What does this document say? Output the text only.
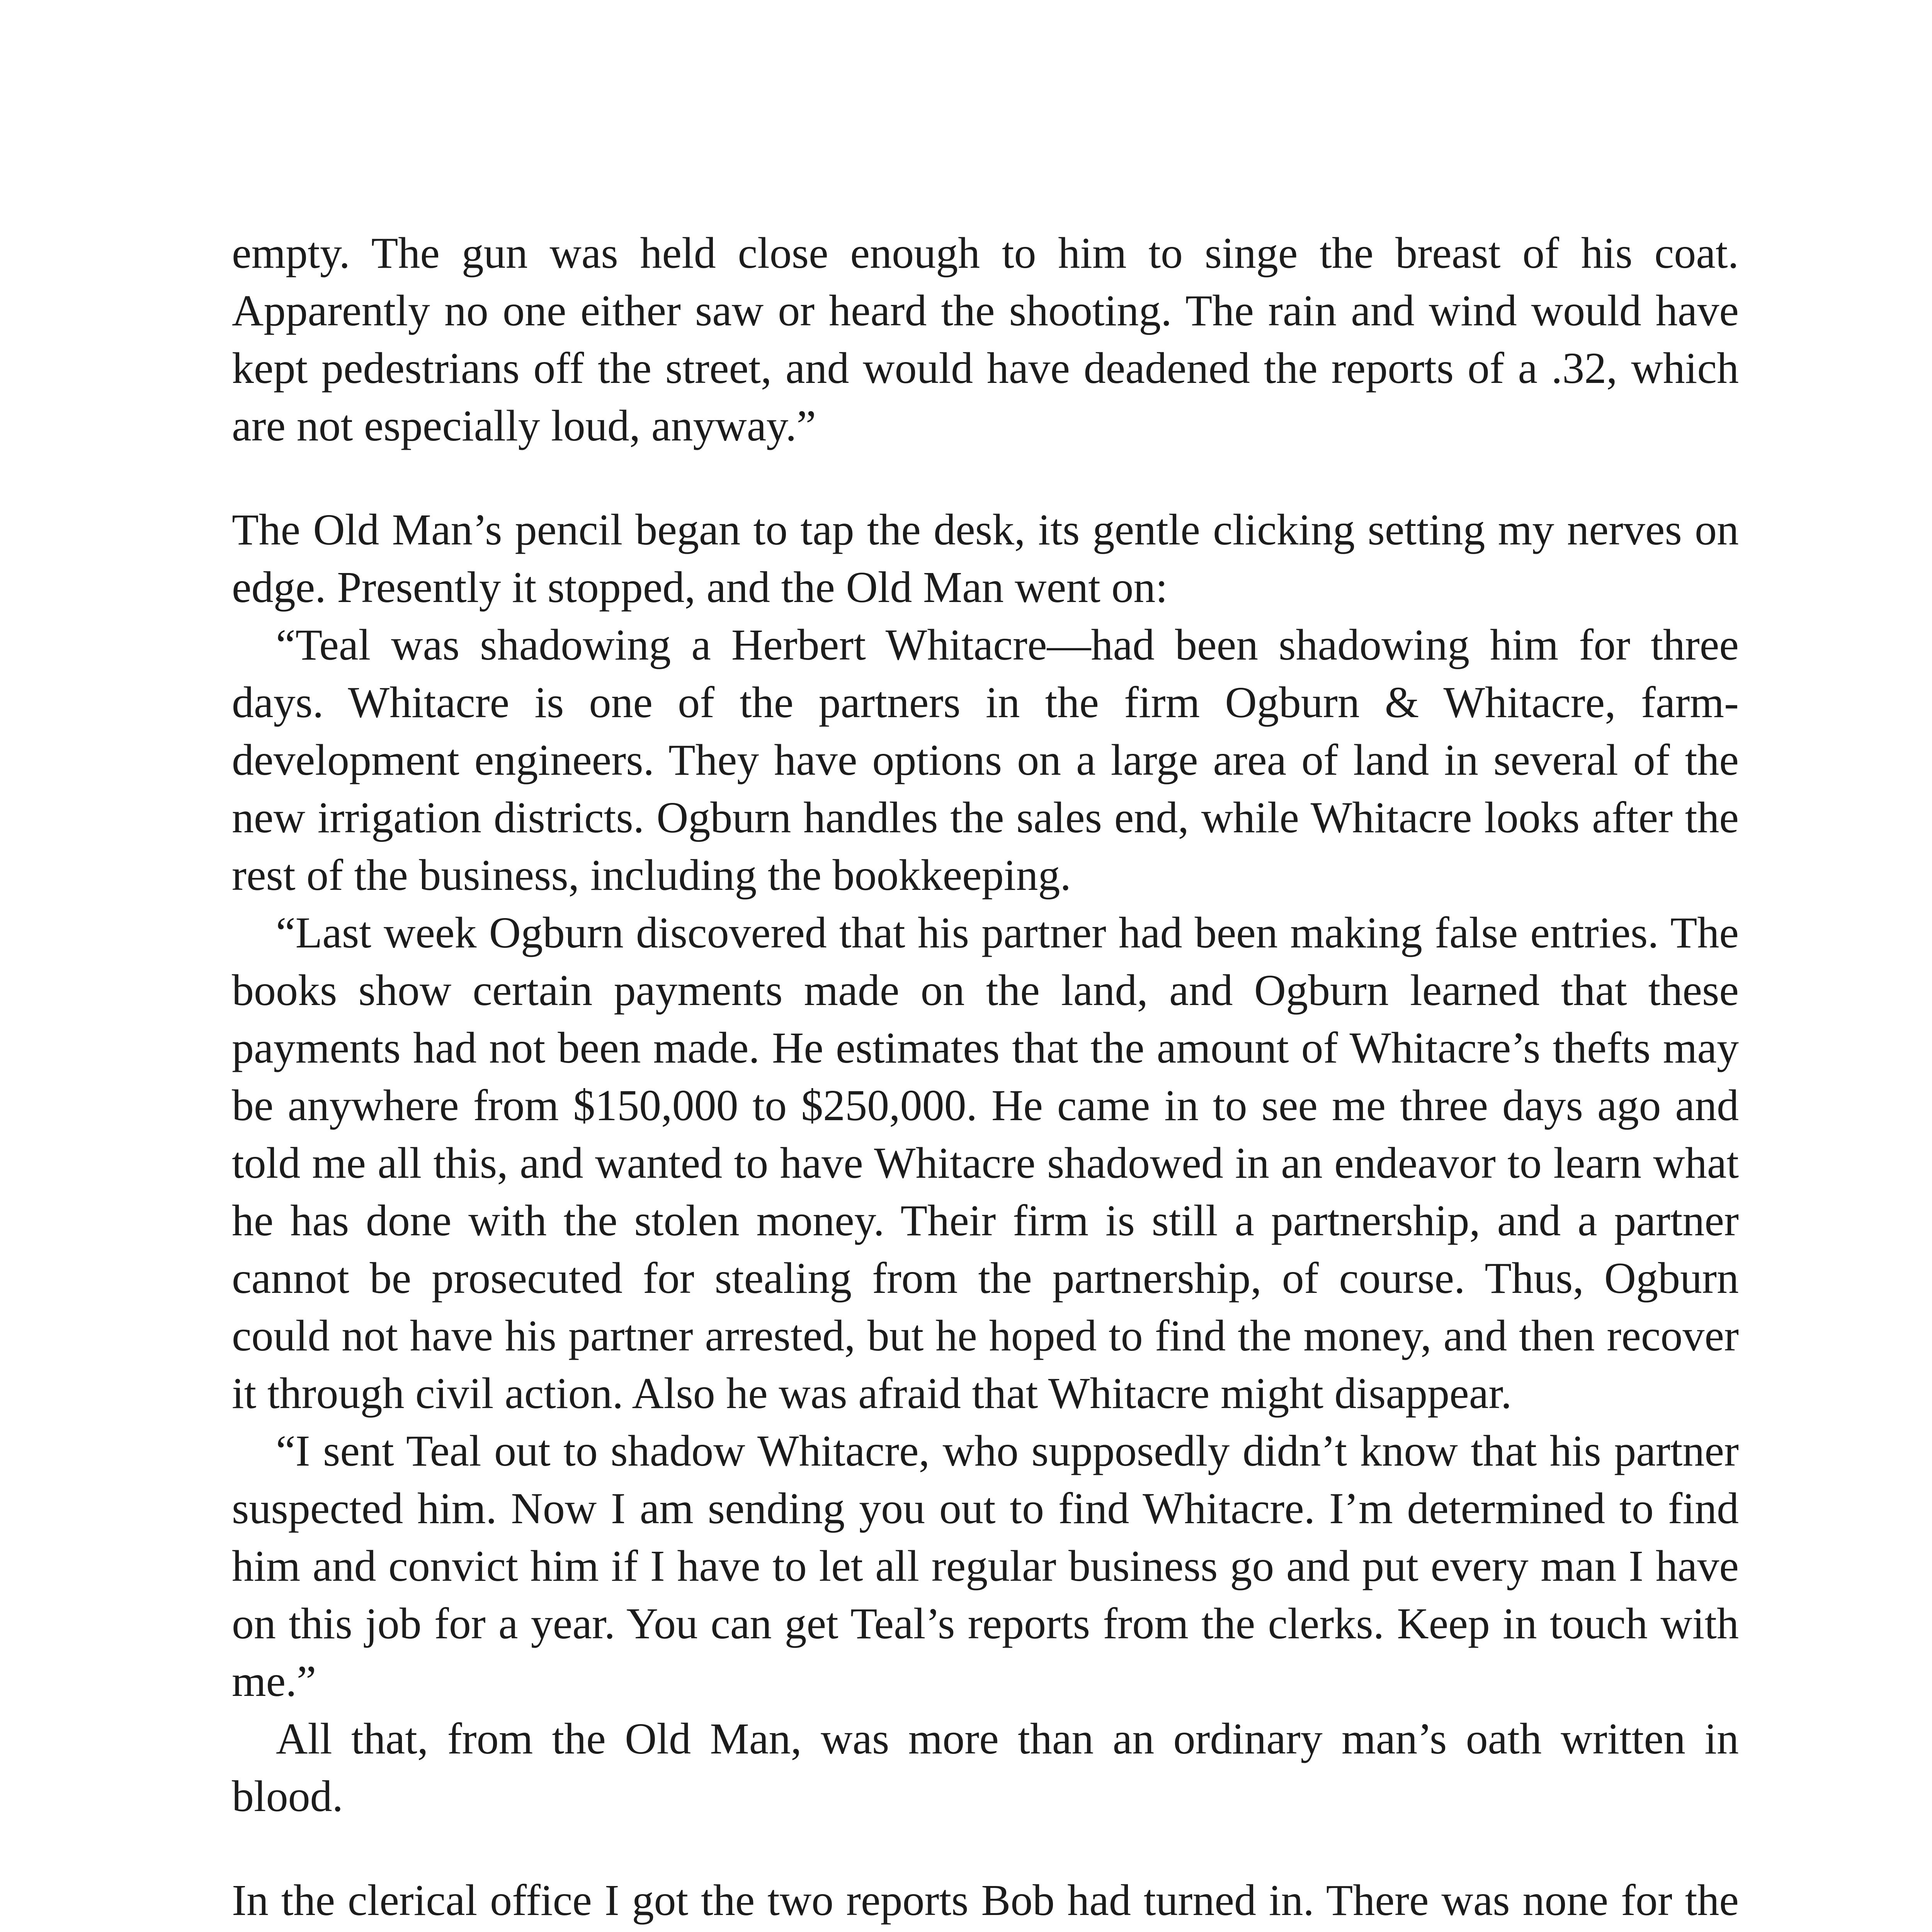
empty. The gun was held close enough to him to singe the breast of his coat. Apparently no one either saw or heard the shooting. The rain and wind would have kept pedestrians off the street, and would have deadened the reports of a .32, which are not especially loud, anyway.”

The Old Man’s pencil began to tap the desk, its gentle clicking setting my nerves on edge. Presently it stopped, and the Old Man went on:

“Teal was shadowing a Herbert Whitacre—had been shadowing him for three days. Whitacre is one of the partners in the firm Ogburn & Whitacre, farm-development engineers. They have options on a large area of land in several of the new irrigation districts. Ogburn handles the sales end, while Whitacre looks after the rest of the business, including the bookkeeping.

“Last week Ogburn discovered that his partner had been making false entries. The books show certain payments made on the land, and Ogburn learned that these payments had not been made. He estimates that the amount of Whitacre’s thefts may be anywhere from $150,000 to $250,000. He came in to see me three days ago and told me all this, and wanted to have Whitacre shadowed in an endeavor to learn what he has done with the stolen money. Their firm is still a partnership, and a partner cannot be prosecuted for stealing from the partnership, of course. Thus, Ogburn could not have his partner arrested, but he hoped to find the money, and then recover it through civil action. Also he was afraid that Whitacre might disappear.

“I sent Teal out to shadow Whitacre, who supposedly didn’t know that his partner suspected him. Now I am sending you out to find Whitacre. I’m determined to find him and convict him if I have to let all regular business go and put every man I have on this job for a year. You can get Teal’s reports from the clerks. Keep in touch with me.”

All that, from the Old Man, was more than an ordinary man’s oath written in blood.

In the clerical office I got the two reports Bob had turned in. There was none for the
